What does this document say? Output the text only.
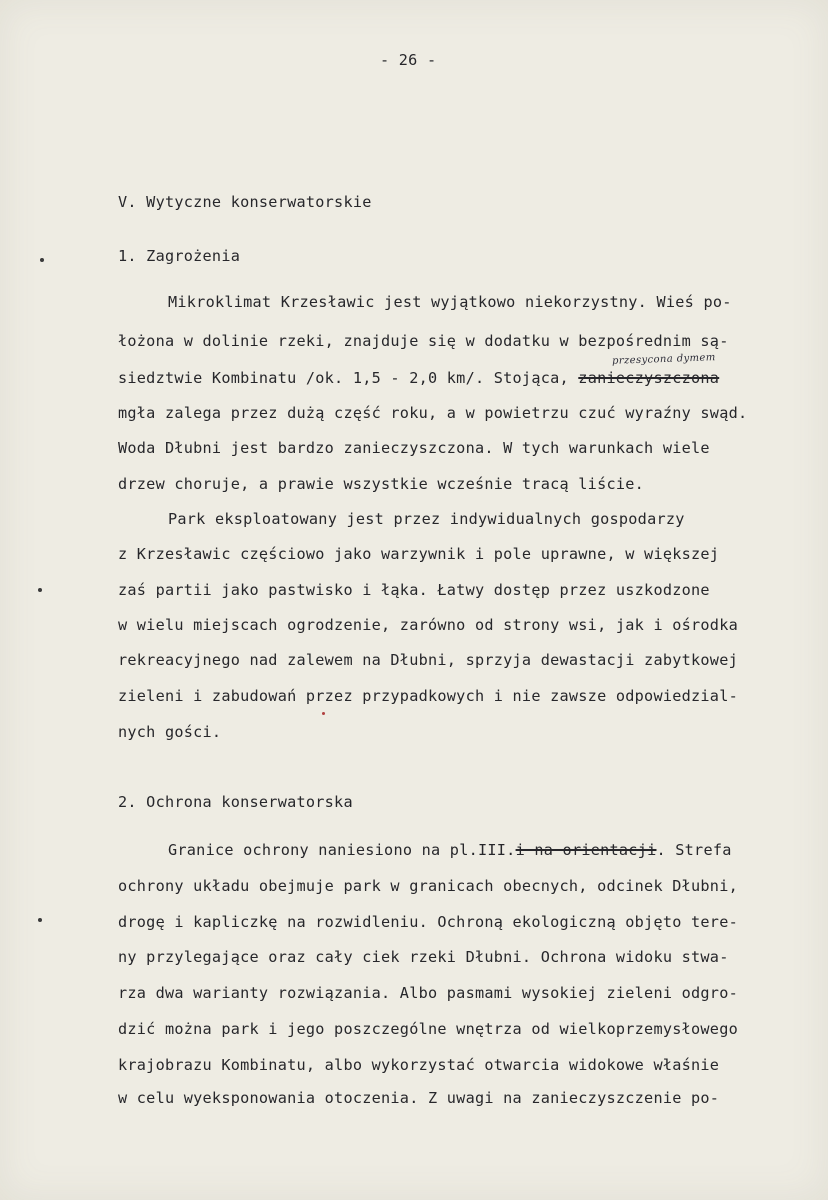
- 26 -
V. Wytyczne konserwatorskie
1. Zagrożenia
Mikroklimat Krzesławic jest wyjątkowo niekorzystny. Wieś po-
łożona w dolinie rzeki, znajduje się w dodatku w bezpośrednim są-
siedztwie Kombinatu /ok. 1,5 - 2,0 km/. Stojąca, zanieczyszczona
przesycona dymem
mgła zalega przez dużą część roku, a w powietrzu czuć wyraźny swąd.
Woda Dłubni jest bardzo zanieczyszczona. W tych warunkach wiele
drzew choruje, a prawie wszystkie wcześnie tracą liście.
Park eksploatowany jest przez indywidualnych gospodarzy
z Krzesławic częściowo jako warzywnik i pole uprawne, w większej
zaś partii jako pastwisko i łąka. Łatwy dostęp przez uszkodzone
w wielu miejscach ogrodzenie, zarówno od strony wsi, jak i ośrodka
rekreacyjnego nad zalewem na Dłubni, sprzyja dewastacji zabytkowej
zieleni i zabudowań przez przypadkowych i nie zawsze odpowiedzial-
nych gości.
2. Ochrona konserwatorska
Granice ochrony naniesiono na pl.III.i na orientacji. Strefa
ochrony układu obejmuje park w granicach obecnych, odcinek Dłubni,
drogę i kapliczkę na rozwidleniu. Ochroną ekologiczną objęto tere-
ny przylegające oraz cały ciek rzeki Dłubni. Ochrona widoku stwa-
rza dwa warianty rozwiązania. Albo pasmami wysokiej zieleni odgro-
dzić można park i jego poszczególne wnętrza od wielkoprzemysłowego
krajobrazu Kombinatu, albo wykorzystać otwarcia widokowe właśnie
w celu wyeksponowania otoczenia. Z uwagi na zanieczyszczenie po-
